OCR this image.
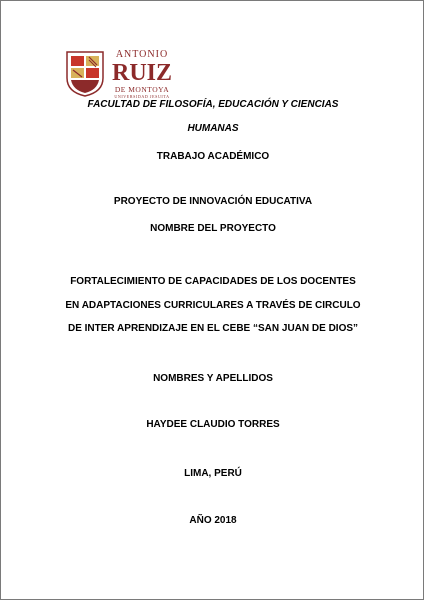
ANTONIO
RUIZ
DE MONTOYA
UNIVERSIDAD JESUITA
FACULTAD DE FILOSOFÍA, EDUCACIÓN Y CIENCIAS
HUMANAS
TRABAJO ACADÉMICO
PROYECTO DE INNOVACIÓN EDUCATIVA
NOMBRE DEL PROYECTO
FORTALECIMIENTO DE CAPACIDADES DE LOS DOCENTES
EN ADAPTACIONES CURRICULARES A TRAVÉS DE CIRCULO
DE INTER APRENDIZAJE EN EL CEBE “SAN JUAN DE DIOS”
NOMBRES Y APELLIDOS
HAYDEE CLAUDIO TORRES
LIMA, PERÚ
AÑO 2018
